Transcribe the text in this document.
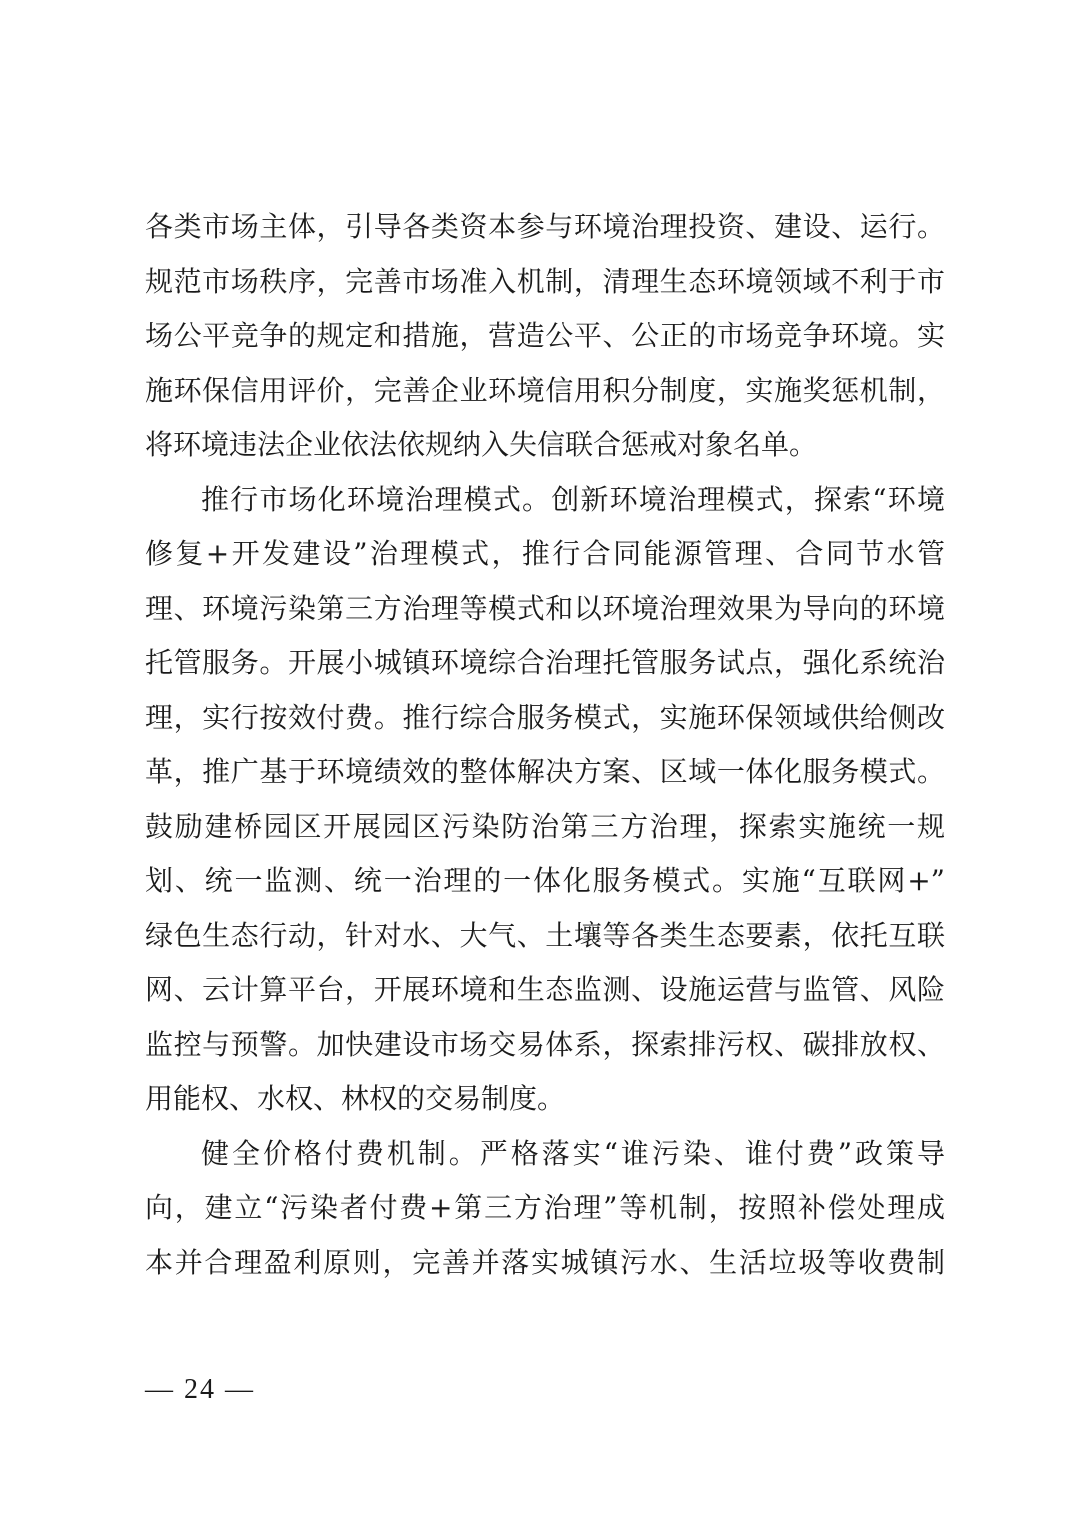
各类市场主体，引导各类资本参与环境治理投资、建设、运行。
规范市场秩序，完善市场准入机制，清理生态环境领域不利于市
场公平竞争的规定和措施，营造公平、公正的市场竞争环境。实
施环保信用评价，完善企业环境信用积分制度，实施奖惩机制，
将环境违法企业依法依规纳入失信联合惩戒对象名单。
推行市场化环境治理模式。创新环境治理模式，探索“环境
修复+开发建设”治理模式，推行合同能源管理、合同节水管
理、环境污染第三方治理等模式和以环境治理效果为导向的环境
托管服务。开展小城镇环境综合治理托管服务试点，强化系统治
理，实行按效付费。推行综合服务模式，实施环保领域供给侧改
革，推广基于环境绩效的整体解决方案、区域一体化服务模式。
鼓励建桥园区开展园区污染防治第三方治理，探索实施统一规
划、统一监测、统一治理的一体化服务模式。实施“互联网+”
绿色生态行动，针对水、大气、土壤等各类生态要素，依托互联
网、云计算平台，开展环境和生态监测、设施运营与监管、风险
监控与预警。加快建设市场交易体系，探索排污权、碳排放权、
用能权、水权、林权的交易制度。
健全价格付费机制。严格落实“谁污染、谁付费”政策导
向，建立“污染者付费+第三方治理”等机制，按照补偿处理成
本并合理盈利原则，完善并落实城镇污水、生活垃圾等收费制
— 24 —
